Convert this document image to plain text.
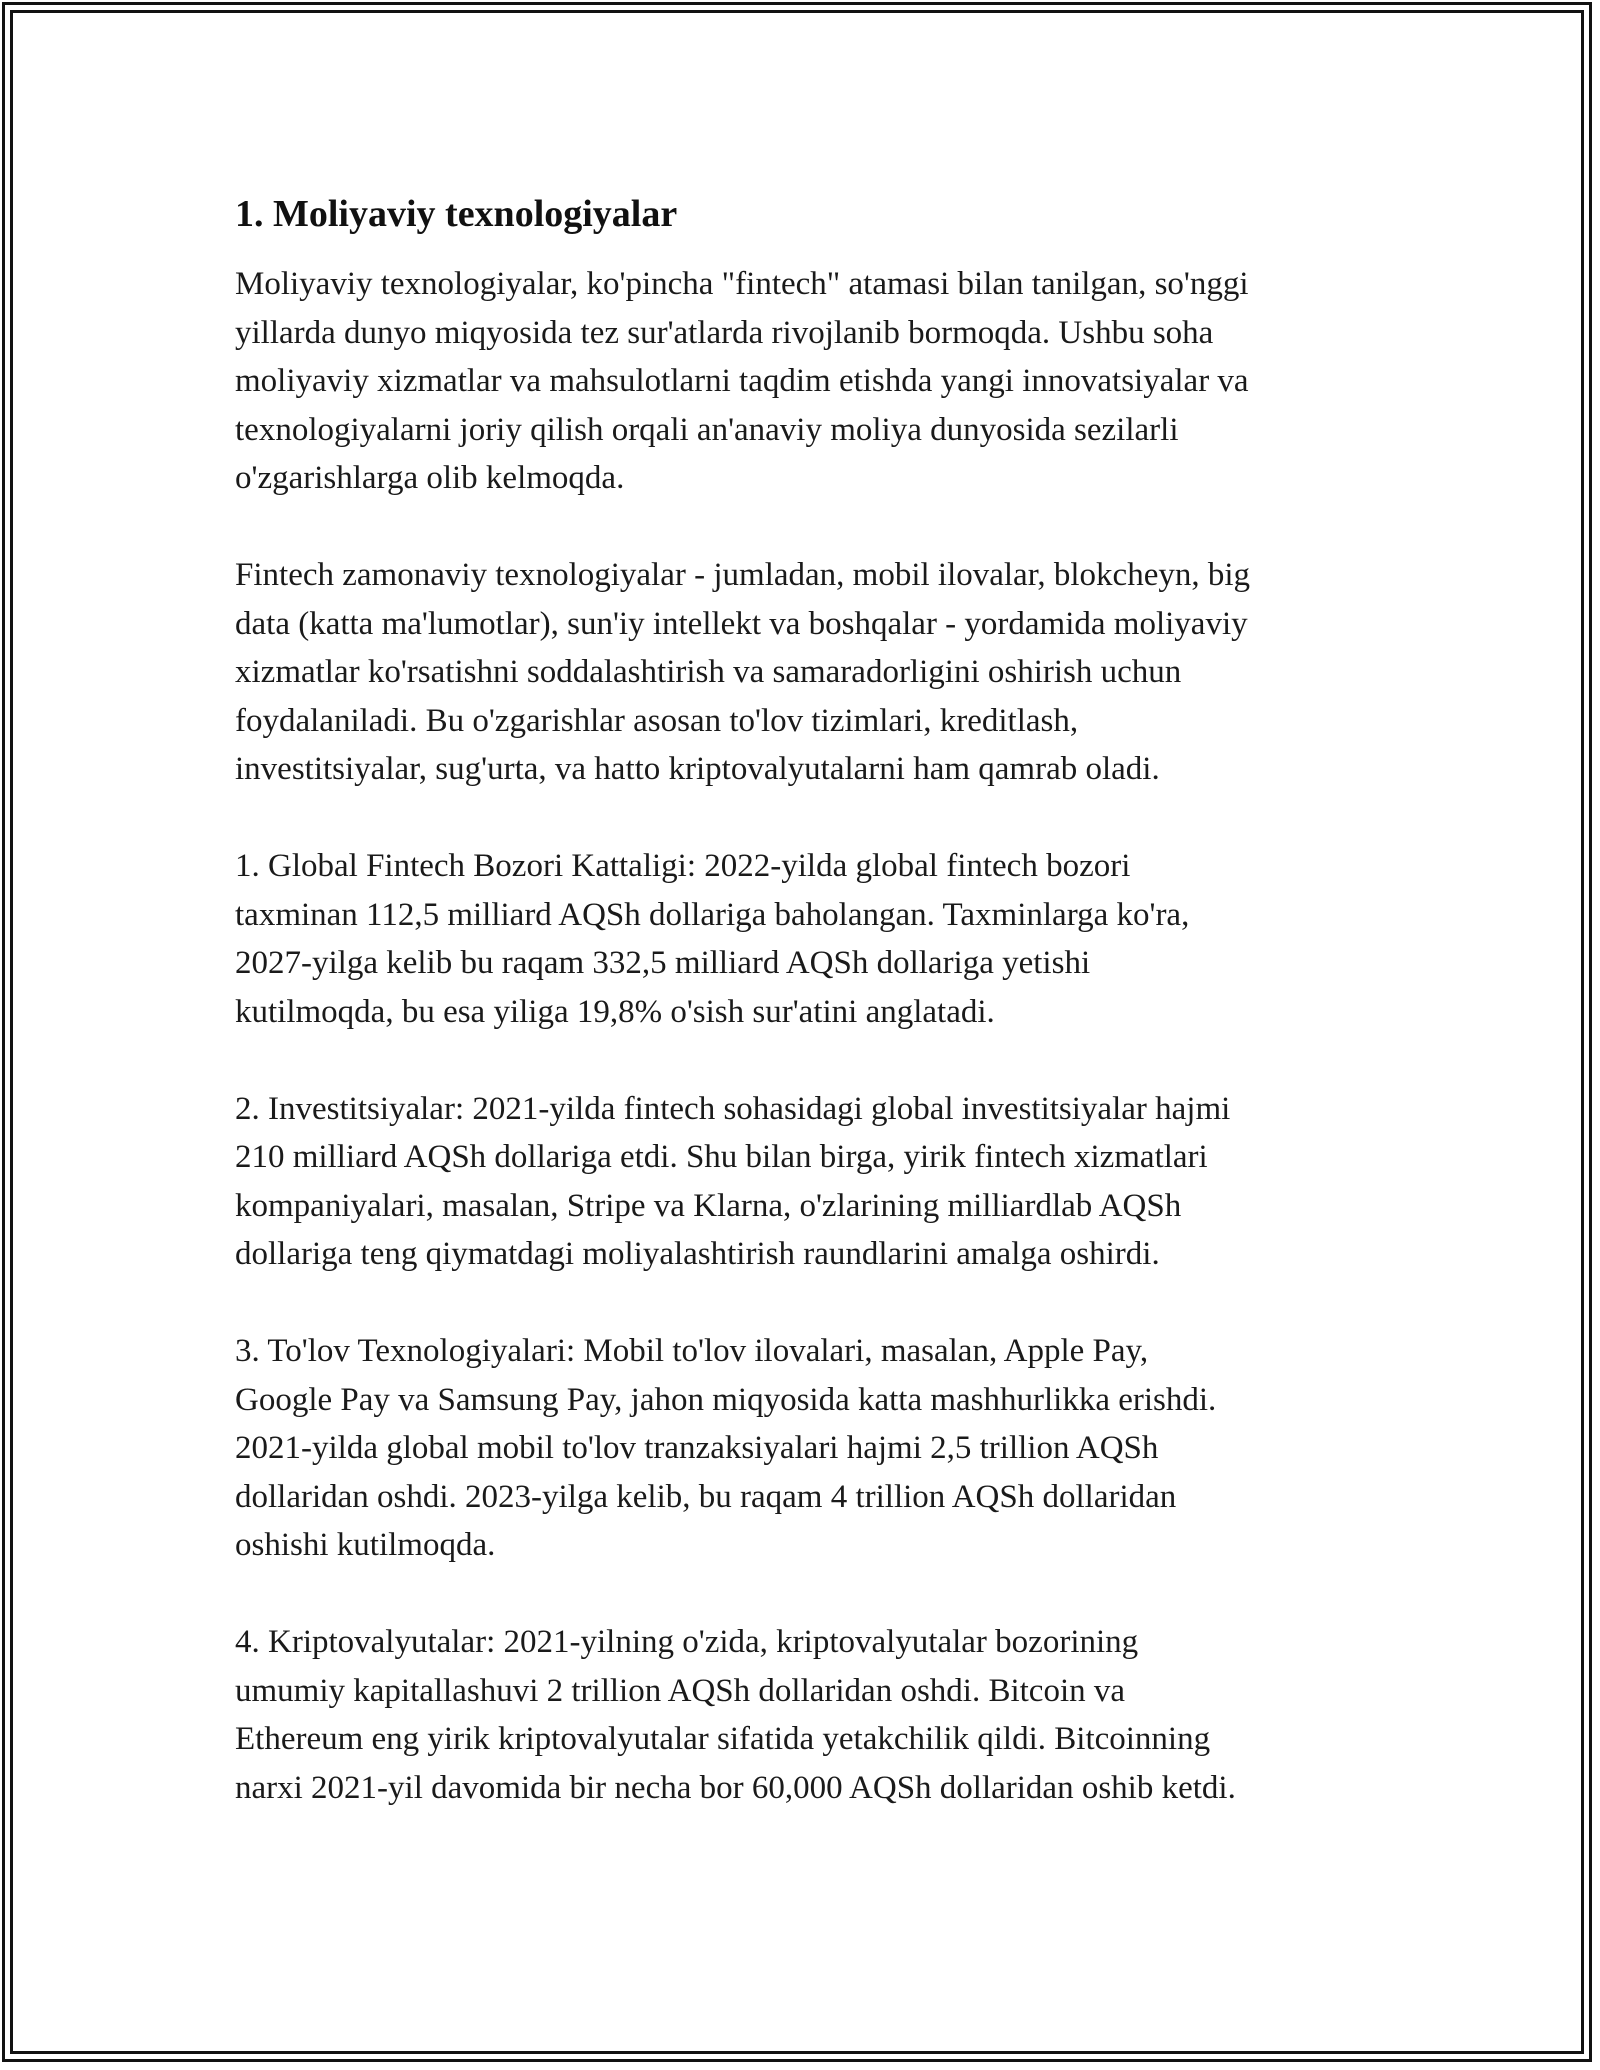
1. Moliyaviy texnologiyalar

Moliyaviy texnologiyalar, ko'pincha "fintech" atamasi bilan tanilgan, so'nggi
yillarda dunyo miqyosida tez sur'atlarda rivojlanib bormoqda. Ushbu soha
moliyaviy xizmatlar va mahsulotlarni taqdim etishda yangi innovatsiyalar va
texnologiyalarni joriy qilish orqali an'anaviy moliya dunyosida sezilarli
o'zgarishlarga olib kelmoqda.

Fintech zamonaviy texnologiyalar - jumladan, mobil ilovalar, blokcheyn, big
data (katta ma'lumotlar), sun'iy intellekt va boshqalar - yordamida moliyaviy
xizmatlar ko'rsatishni soddalashtirish va samaradorligini oshirish uchun
foydalaniladi. Bu o'zgarishlar asosan to'lov tizimlari, kreditlash,
investitsiyalar, sug'urta, va hatto kriptovalyutalarni ham qamrab oladi.

1. Global Fintech Bozori Kattaligi: 2022-yilda global fintech bozori
taxminan 112,5 milliard AQSh dollariga baholangan. Taxminlarga ko'ra,
2027-yilga kelib bu raqam 332,5 milliard AQSh dollariga yetishi
kutilmoqda, bu esa yiliga 19,8% o'sish sur'atini anglatadi.

2. Investitsiyalar: 2021-yilda fintech sohasidagi global investitsiyalar hajmi
210 milliard AQSh dollariga etdi. Shu bilan birga, yirik fintech xizmatlari
kompaniyalari, masalan, Stripe va Klarna, o'zlarining milliardlab AQSh
dollariga teng qiymatdagi moliyalashtirish raundlarini amalga oshirdi.

3. To'lov Texnologiyalari: Mobil to'lov ilovalari, masalan, Apple Pay,
Google Pay va Samsung Pay, jahon miqyosida katta mashhurlikka erishdi.
2021-yilda global mobil to'lov tranzaksiyalari hajmi 2,5 trillion AQSh
dollaridan oshdi. 2023-yilga kelib, bu raqam 4 trillion AQSh dollaridan
oshishi kutilmoqda.

4. Kriptovalyutalar: 2021-yilning o'zida, kriptovalyutalar bozorining
umumiy kapitallashuvi 2 trillion AQSh dollaridan oshdi. Bitcoin va
Ethereum eng yirik kriptovalyutalar sifatida yetakchilik qildi. Bitcoinning
narxi 2021-yil davomida bir necha bor 60,000 AQSh dollaridan oshib ketdi.
